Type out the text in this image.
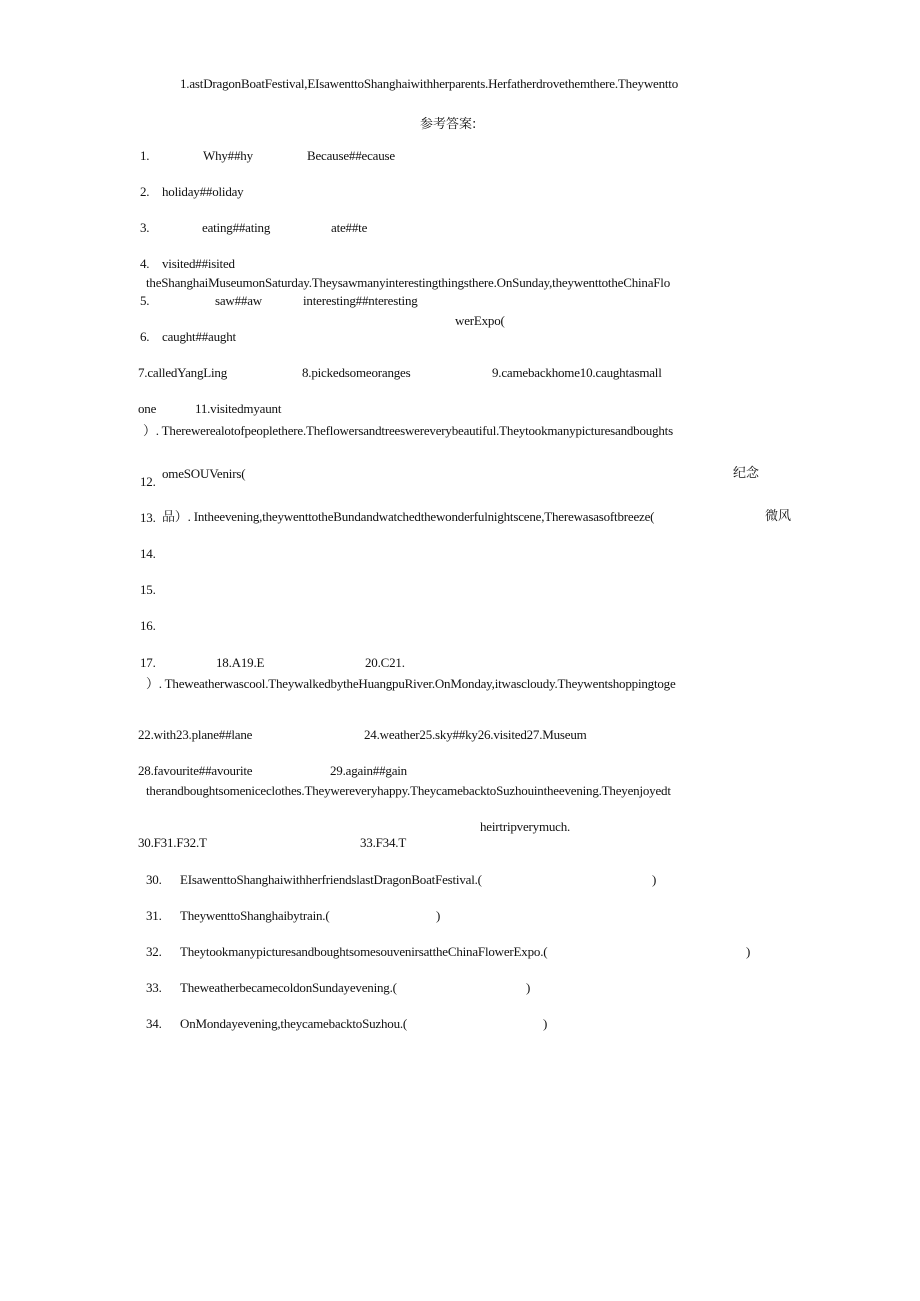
1.astDragonBoatFestival,EIsawenttoShanghaiwithherparents.Herfatherdrovethemthere.Theywentto
参考答案:
1.	Why##hy	Because##ecause
2. holiday##oliday
3.	eating##ating	ate##te
4. visited##isited
theShanghaiMuseumonSaturday.Theysawmanyinterestingthingsthere.OnSunday,theywenttotheChinaFlo
5.	saw##aw	interesting##nteresting
werExpo(
6. caught##aught
7.calledYangLing	8.pickedsomeoranges	9.camebackhome10.caughtasmall
one	11.visitedmyaunt
）. Therewerealotofpeoplethere.Theflowersandtreeswereverybeautiful.Theytookmanypicturesandboughts
omeSOUVenirs(	纪念
12.
13. 品）. Intheevening,theywenttotheBundandwatchedthewonderfulnightscene,Therewasasoftbreeze(	微风
14.
15.
16.
17.	18.A19.E	20.C21.
）. Theweatherwascool.TheywalkedbytheHuangpuRiver.OnMonday,itwascloudy.Theywentshoppingtoge
22.with23.plane##lane	24.weather25.sky##ky26.visited27.Museum
28.favourite##avourite	29.again##gain
therandboughtsomeniceclothes.Theywereveryhappy.TheycamebacktoSuzhouintheevening.Theyenjoyedt
heirtripverymuch.
30.F31.F32.T	33.F34.T
30. EIsawenttoShanghaiwithherfriendslastDragonBoatFestival.(	)
31. TheywenttoShanghaibytrain.(	)
32. TheytookmanypicturesandboughtsomesouvenirsattheChinaFlowerExpo.(	)
33. TheweatherbecamecoldonSundayevening.(	)
34. OnMondayevening,theycamebacktoSuzhou.(	)
